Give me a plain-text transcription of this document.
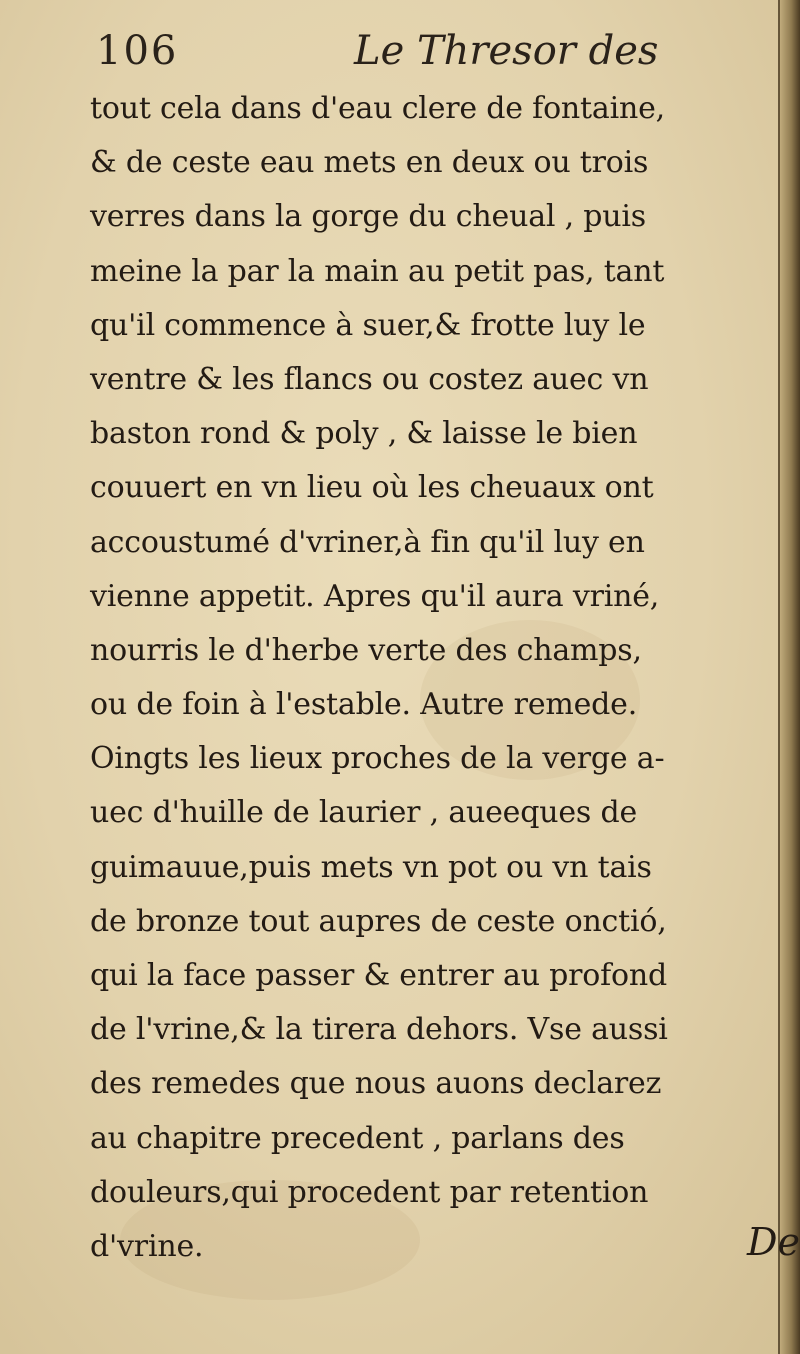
106	Le Thresor des
tout cela dans d'eau clere de fontaine,
& de ceste eau mets en deux ou trois
verres dans la gorge du cheual , puis
meine la par la main au petit pas, tant
qu'il commence à suer,& frotte luy le
ventre & les flancs ou costez auec vn
baston rond & poly , & laisse le bien
couuert en vn lieu où les cheuaux ont
accoustumé d'vriner,à fin qu'il luy en
vienne appetit. Apres qu'il aura vriné,
nourris le d'herbe verte des champs,
ou de foin à l'estable. Autre remede.
Oingts les lieux proches de la verge a-
uec d'huille de laurier , aueeques de
guimauue,puis mets vn pot ou vn tais
de bronze tout aupres de ceste onctió,
qui la face passer & entrer au profond
de l'vrine,& la tirera dehors. Vse aussi
des remedes que nous auons declarez
au chapitre precedent , parlans des
douleurs,qui procedent par retention
d'vrine.	De
